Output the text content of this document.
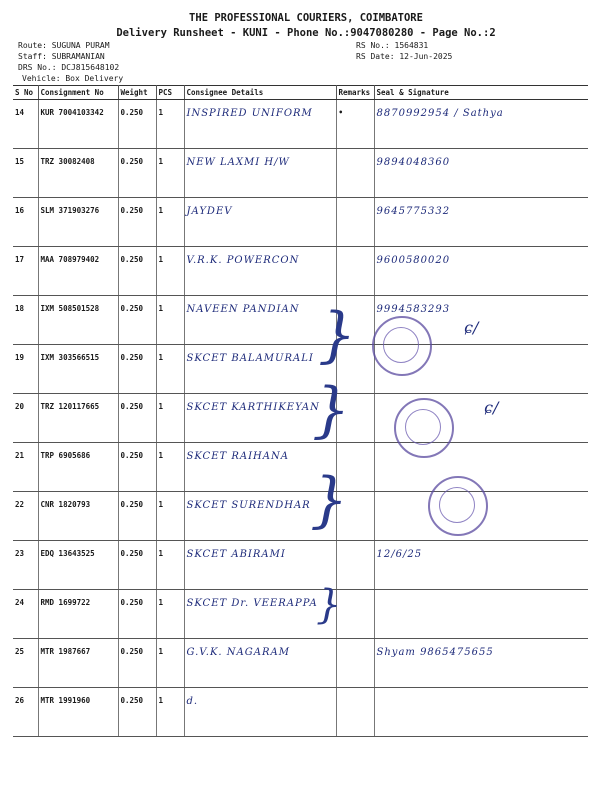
THE PROFESSIONAL COURIERS, COIMBATORE
Delivery Runsheet - KUNI - Phone No.:9047080280 - Page No.:2
Route: SUGUNA PURAM
Staff: SUBRAMANIAN
DRS No.: DCJ815648102
Vehicle: Box Delivery
RS No.: 1564831
RS Date: 12-Jun-2025
S No	Consignment No	Weight	PCS	Consignee Details	Remarks	Seal & Signature
14	KUR 7004103342	0.250	1	INSPIRED UNIFORM	•	8870992954 / Sathya
15	TRZ 30082408	0.250	1	NEW LAXMI H/W		9894048360
16	SLM 371903276	0.250	1	JAYDEV		9645775332
17	MAA 708979402	0.250	1	V.R.K. POWERCON		9600580020
18	IXM 508501528	0.250	1	NAVEEN PANDIAN		9994583293
19	IXM 303566515	0.250	1	SKCET BALAMURALI		
20	TRZ 120117665	0.250	1	SKCET KARTHIKEYAN		
21	TRP 6905686	0.250	1	SKCET RAIHANA		
22	CNR 1820793	0.250	1	SKCET SURENDHAR		
23	EDQ 13643525	0.250	1	SKCET ABIRAMI		12/6/25
24	RMD 1699722	0.250	1	SKCET Dr. VEERAPPA		
25	MTR 1987667	0.250	1	G.V.K. NAGARAM		Shyam 9865475655
26	MTR 1991960	0.250	1	d.		
ɕ/
ɕ/
}
}
}
}
